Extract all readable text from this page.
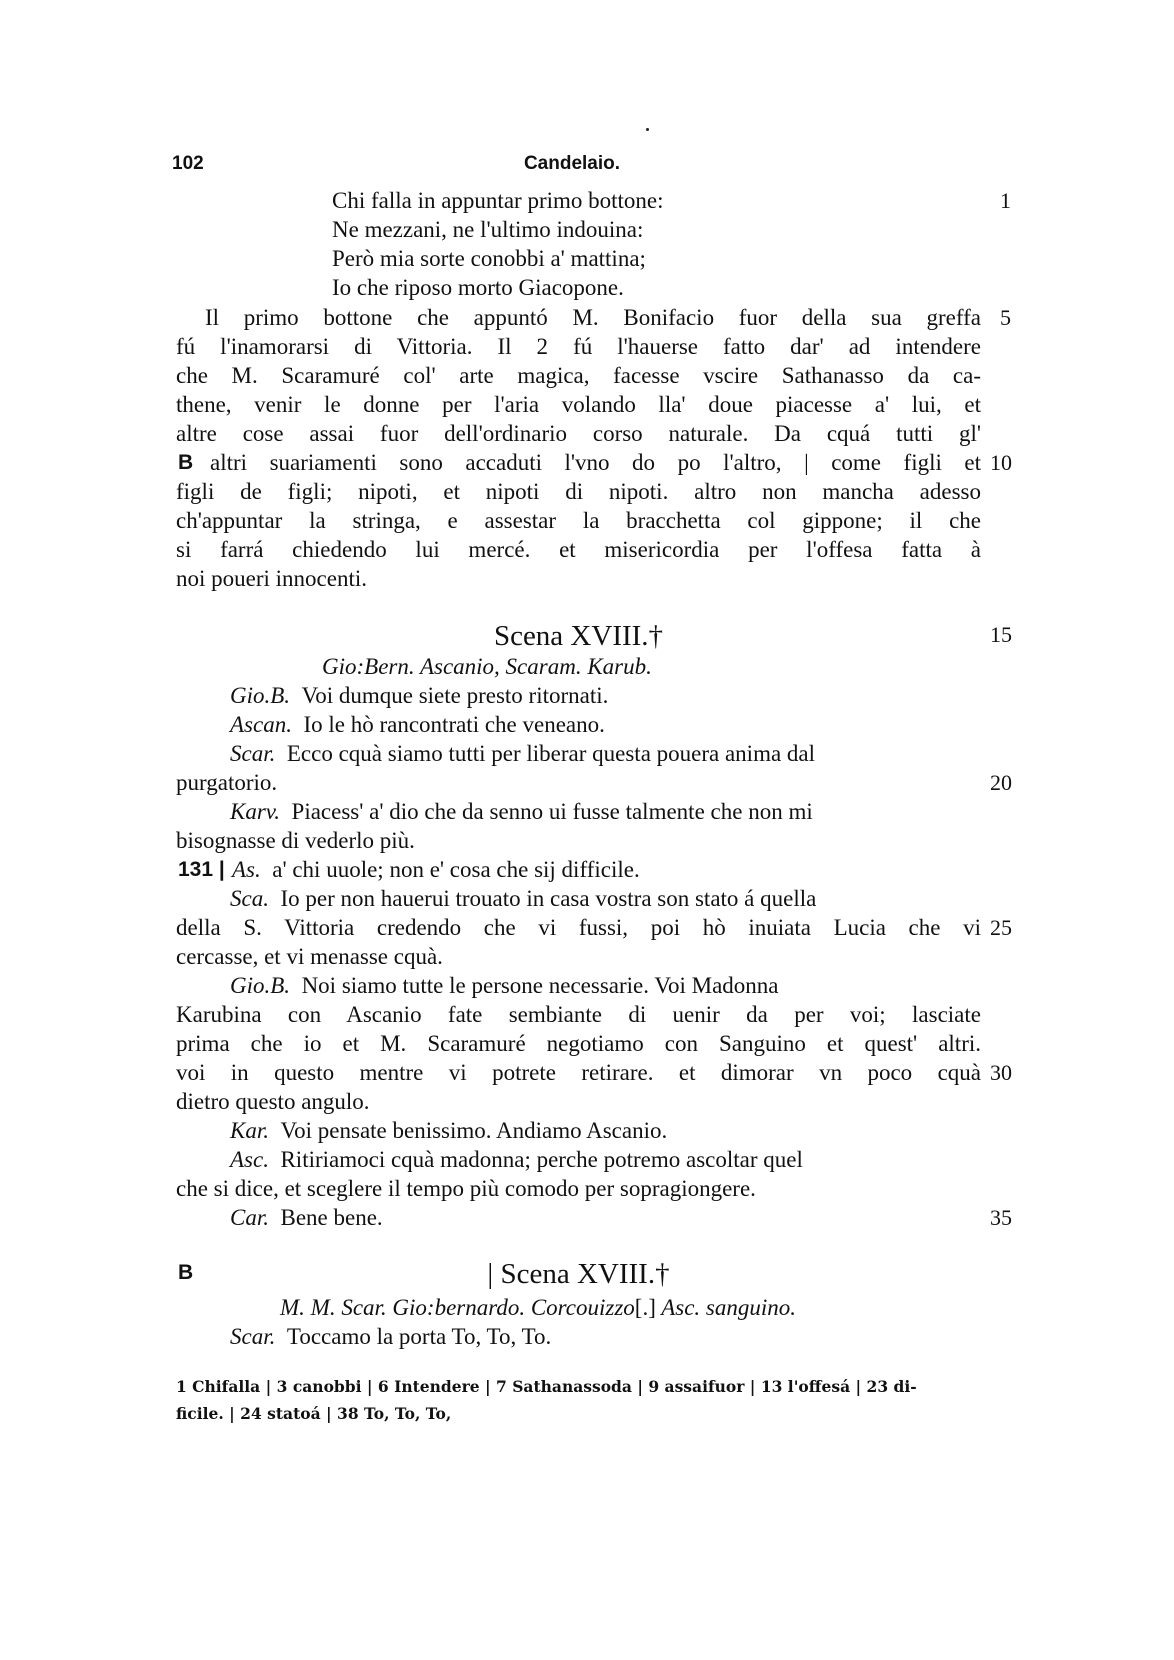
102	Candelaio.
Chi falla in appuntar primo bottone:
Ne mezzani, ne l'ultimo indouina:
Però mia sorte conobbi a' mattina;
Io che riposo morto Giacopone.
Il primo bottone che appuntó M. Bonifacio fuor della sua greffa
fú l'inamorarsi di Vittoria. Il 2 fú l'hauerse fatto dar' ad intendere
che M. Scaramuré col' arte magica, facesse vscire Sathanasso da ca-
thene, venir le donne per l'aria volando lla' doue piacesse a' lui, et
altre cose assai fuor dell'ordinario corso naturale. Da cquá tutti gl'
B altri suariamenti sono accaduti l'vno do po l'altro, | come figli et
figli de figli; nipoti, et nipoti di nipoti. altro non mancha adesso
ch'appuntar la stringa, e assestar la bracchetta col gippone; il che
si farrá chiedendo lui mercé. et misericordia per l'offesa fatta à
noi poueri innocenti.
Scena XVIII.†
Gio:Bern. Ascanio, Scaram. Karub.
Gio.B. Voi dumque siete presto ritornati.
Ascan. Io le hò rancontrati che veneano.
Scar. Ecco cquà siamo tutti per liberar questa pouera anima dal
purgatorio.
Karv. Piacess' a' dio che da senno ui fusse talmente che non mi
bisognasse di vederlo più.
131 | As. a' chi uuole; non e' cosa che sij difficile.
Sca. Io per non hauerui trouato in casa vostra son stato á quella
della S. Vittoria credendo che vi fussi, poi hò inuiata Lucia che vi
cercasse, et vi menasse cquà.
Gio.B. Noi siamo tutte le persone necessarie. Voi Madonna
Karubina con Ascanio fate sembiante di uenir da per voi; lasciate
prima che io et M. Scaramuré negotiamo con Sanguino et quest' altri.
voi in questo mentre vi potrete retirare. et dimorar vn poco cquà
dietro questo angulo.
Kar. Voi pensate benissimo. Andiamo Ascanio.
Asc. Ritiriamoci cquà madonna; perche potremo ascoltar quel
che si dice, et sceglere il tempo più comodo per sopragiongere.
Car. Bene bene.
B	| Scena XVIII.†
M. M. Scar. Gio:bernardo. Corcouizzo[.] Asc. sanguino.
Scar. Toccamo la porta To, To, To.
1
5
10
15
20
25
30
35
1 Chifalla | 3 canobbi | 6 Intendere | 7 Sathanassoda | 9 assaifuor | 13 l'offesá | 23 di-
ficile. | 24 statoá | 38 To, To, To,
